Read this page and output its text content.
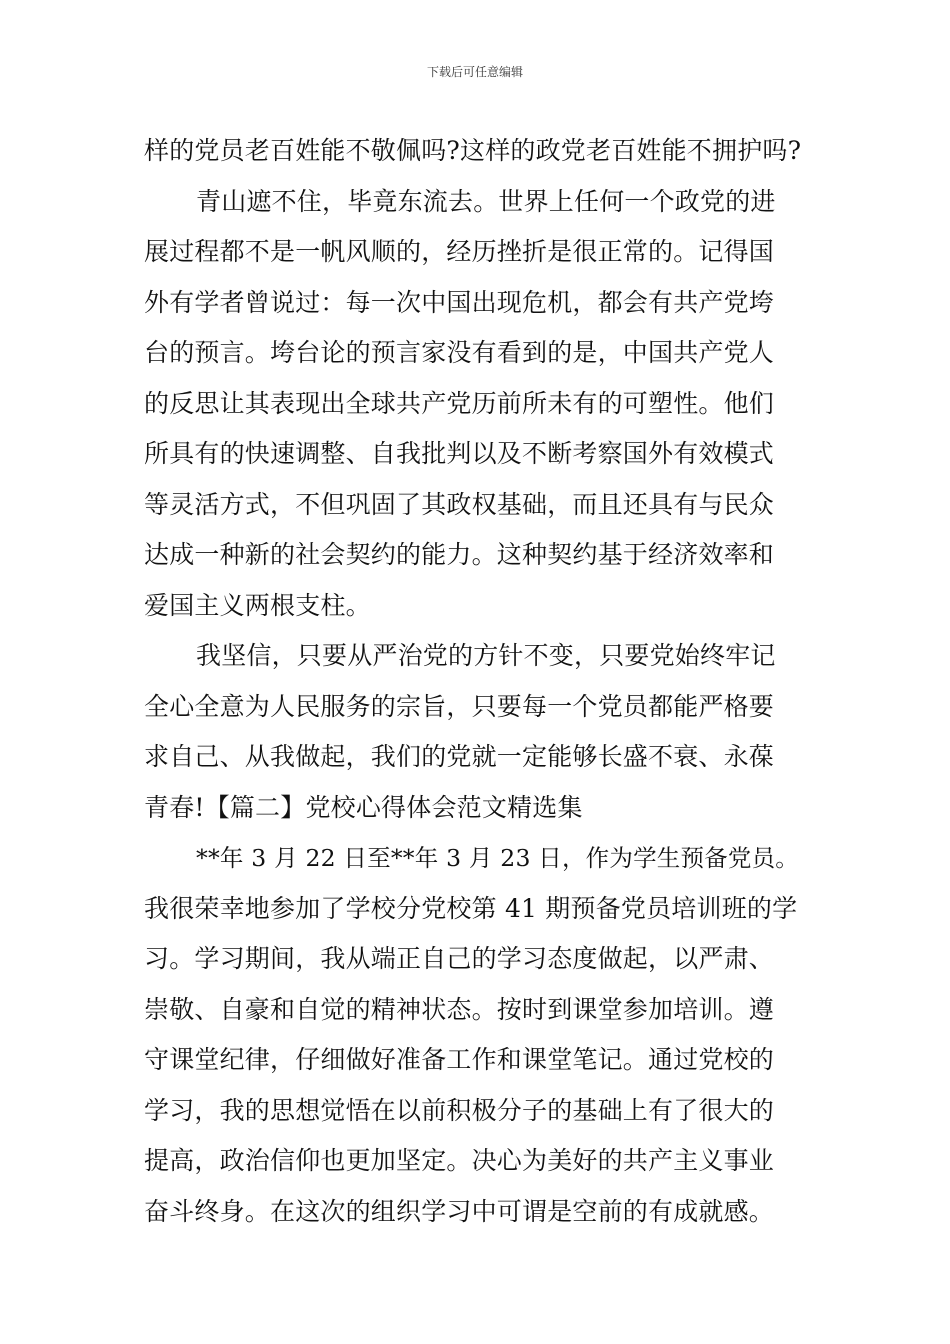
下载后可任意编辑
样的党员老百姓能不敬佩吗?这样的政党老百姓能不拥护吗?
青山遮不住，毕竟东流去。世界上任何一个政党的进
展过程都不是一帆风顺的，经历挫折是很正常的。记得国
外有学者曾说过：每一次中国出现危机，都会有共产党垮
台的预言。垮台论的预言家没有看到的是，中国共产党人
的反思让其表现出全球共产党历前所未有的可塑性。他们
所具有的快速调整、自我批判以及不断考察国外有效模式
等灵活方式，不但巩固了其政权基础，而且还具有与民众
达成一种新的社会契约的能力。这种契约基于经济效率和
爱国主义两根支柱。
我坚信，只要从严治党的方针不变，只要党始终牢记
全心全意为人民服务的宗旨，只要每一个党员都能严格要
求自己、从我做起，我们的党就一定能够长盛不衰、永葆
青春!【篇二】党校心得体会范文精选集
**年 3 月 22 日至**年 3 月 23 日，作为学生预备党员。
我很荣幸地参加了学校分党校第 41 期预备党员培训班的学
习。学习期间，我从端正自己的学习态度做起，以严肃、
崇敬、自豪和自觉的精神状态。按时到课堂参加培训。遵
守课堂纪律，仔细做好准备工作和课堂笔记。通过党校的
学习，我的思想觉悟在以前积极分子的基础上有了很大的
提高，政治信仰也更加坚定。决心为美好的共产主义事业
奋斗终身。在这次的组织学习中可谓是空前的有成就感。
